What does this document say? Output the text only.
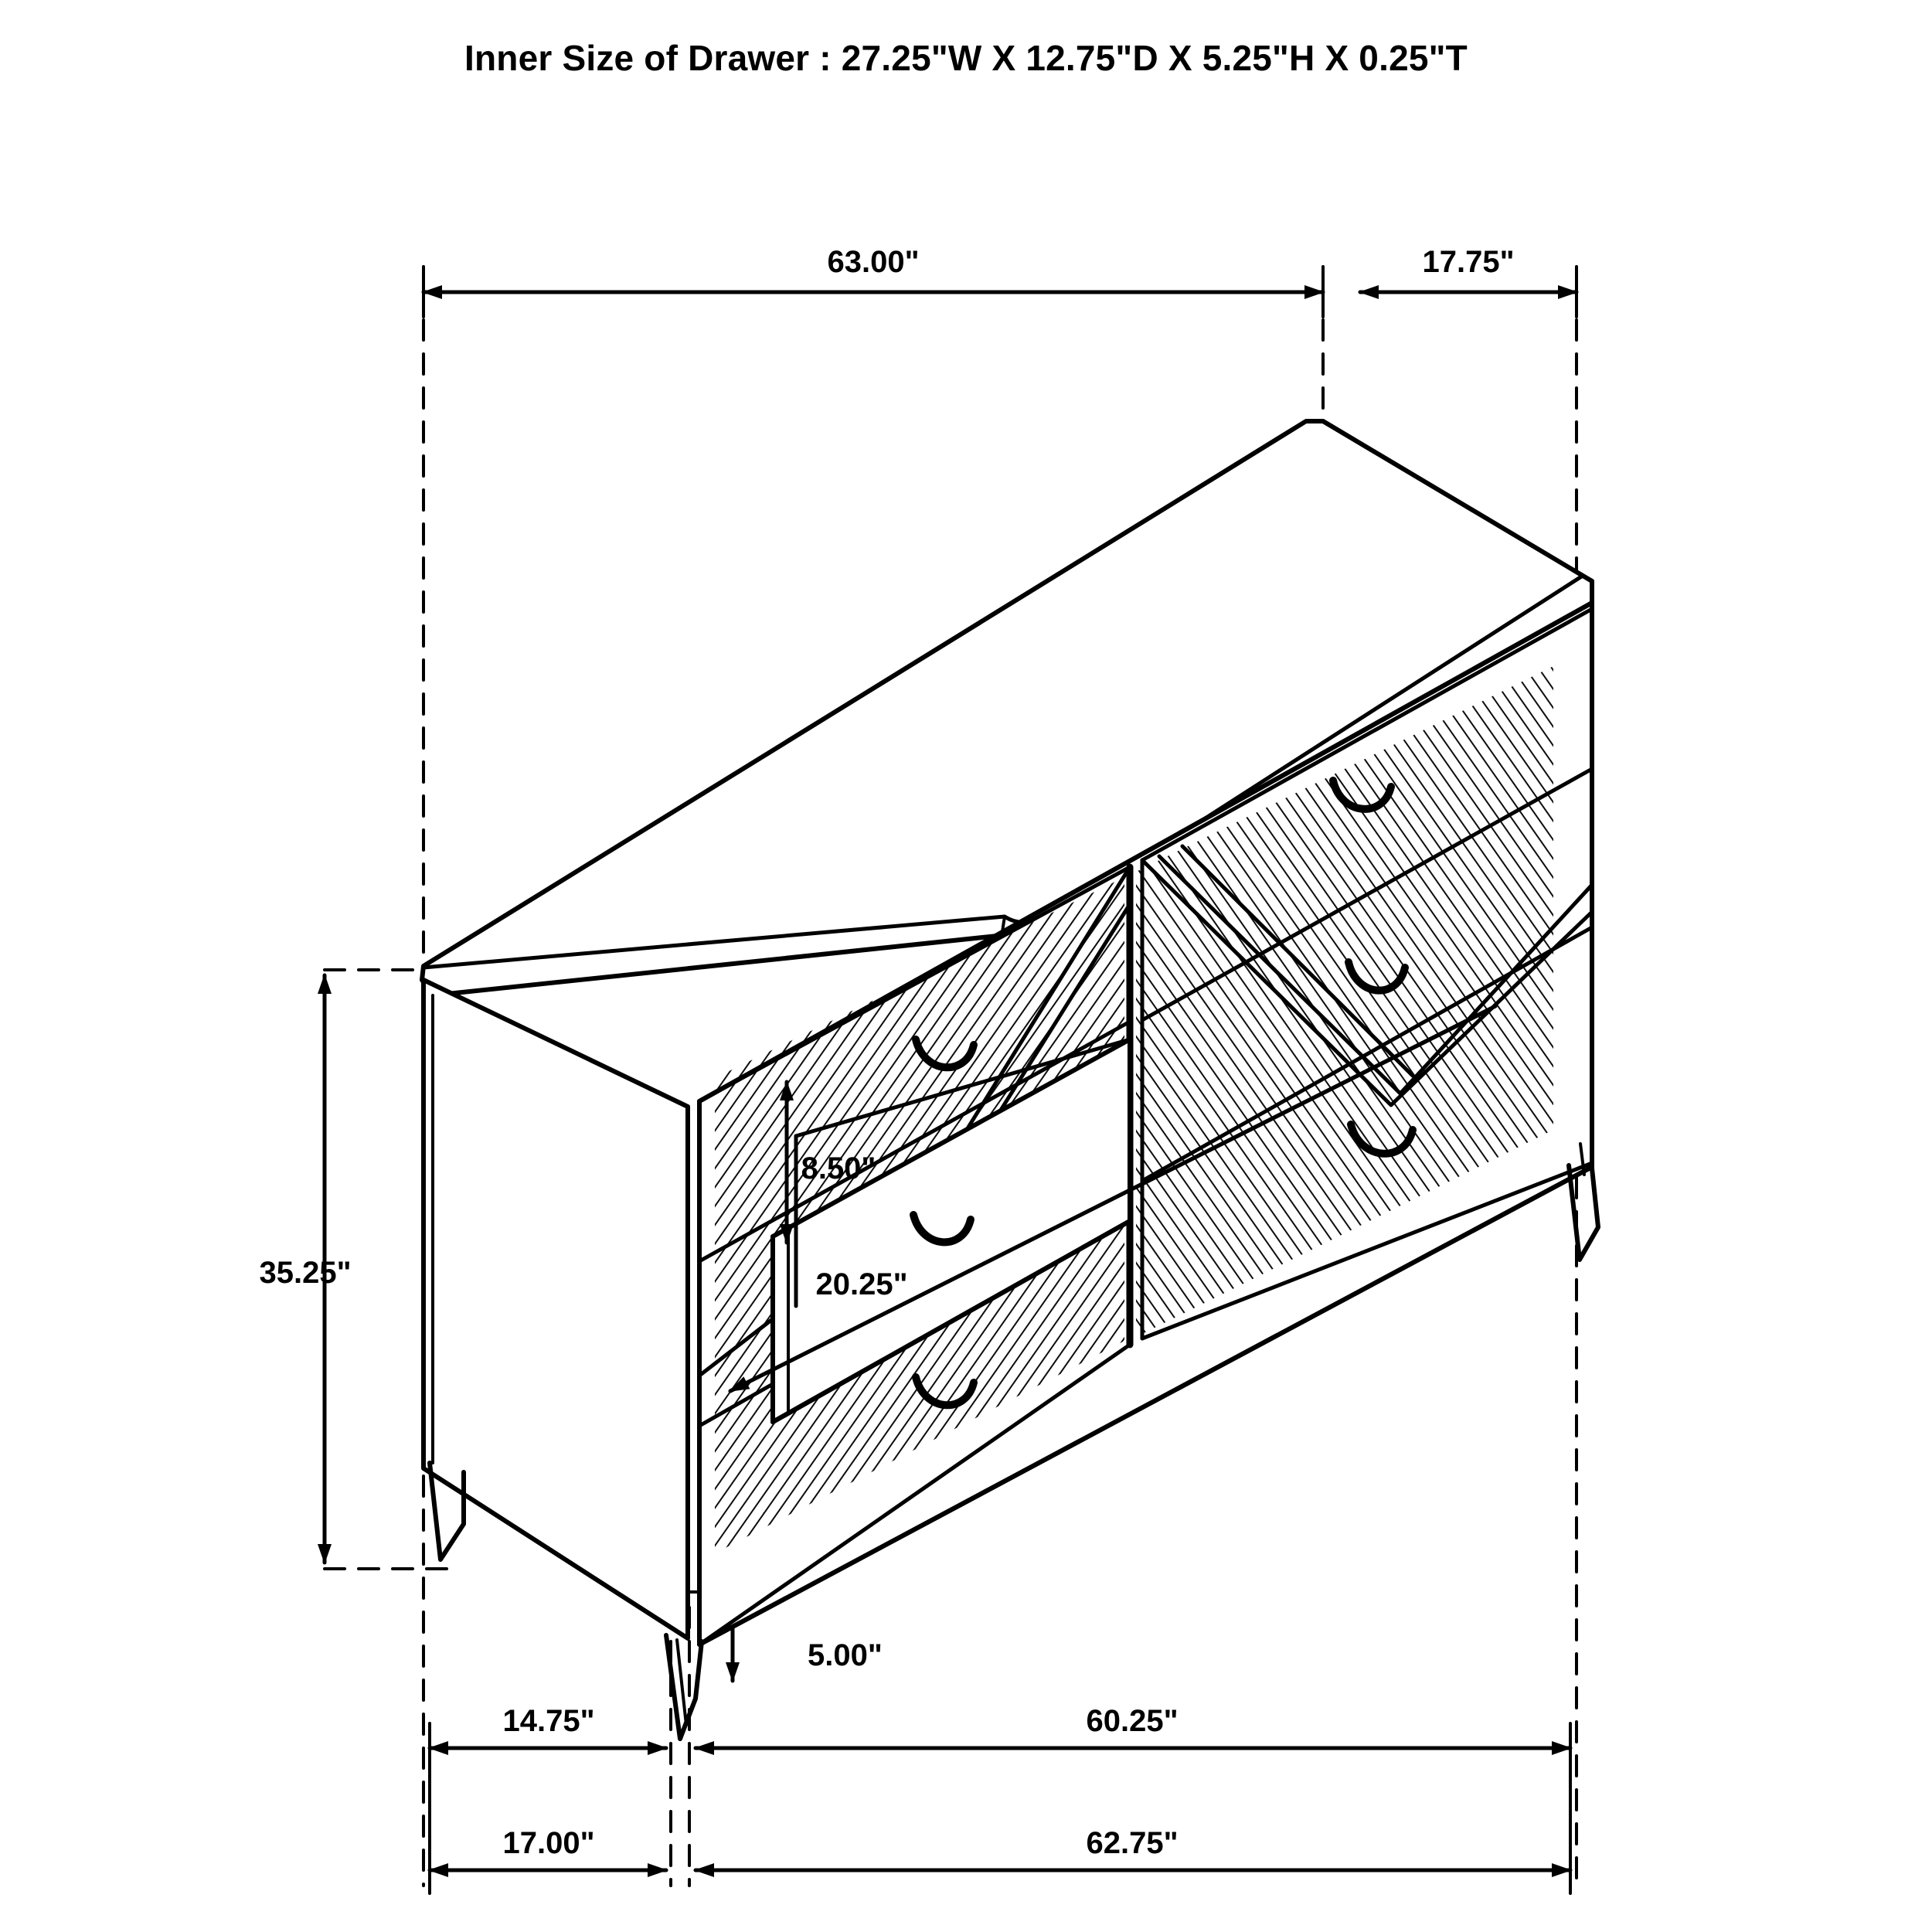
Inner Size of Drawer : 27.25"W X 12.75"D X 5.25"H X 0.25"T
63.00"	17.75"
35.25"
8.50"
20.25"
5.00"
14.75"	60.25"
17.00"	62.75"
